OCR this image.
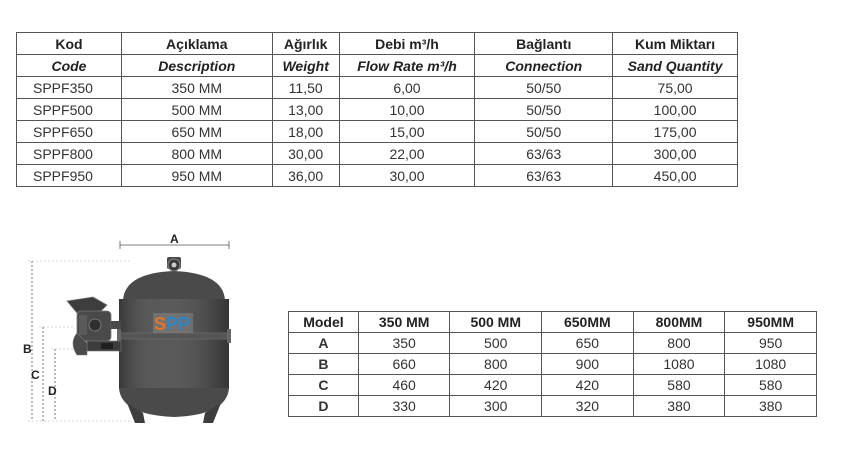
Kod	Açıklama	Ağırlık	Debi m³/h	Bağlantı	Kum Miktarı
Code	Description	Weight	Flow Rate m³/h	Connection	Sand Quantity
SPPF350	350 MM	11,50	6,00	50/50	75,00
SPPF500	500 MM	13,00	10,00	50/50	100,00
SPPF650	650 MM	18,00	15,00	50/50	175,00
SPPF800	800 MM	30,00	22,00	63/63	300,00
SPPF950	950 MM	36,00	30,00	63/63	450,00
A
B
C
D
S P P	Model	350 MM	500 MM	650MM	800MM	950MM
A	350	500	650	800	950
B	660	800	900	1080	1080
C	460	420	420	580	580
D	330	300	320	380	380
